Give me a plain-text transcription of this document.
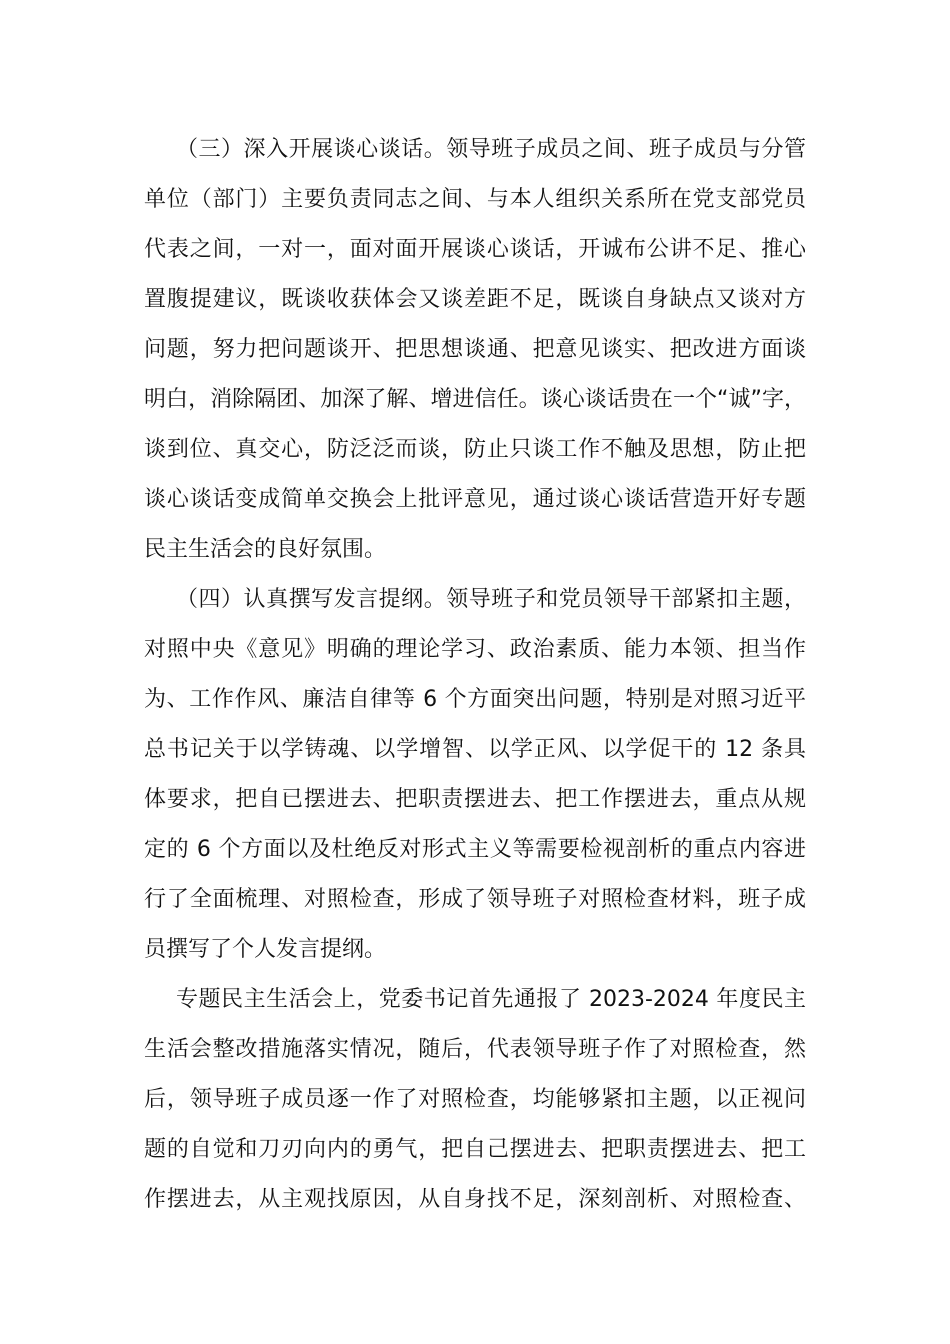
（三）深入开展谈心谈话。领导班子成员之间、班子成员与分管
单位（部门）主要负责同志之间、与本人组织关系所在党支部党员
代表之间，一对一，面对面开展谈心谈话，开诚布公讲不足、推心
置腹提建议，既谈收获体会又谈差距不足，既谈自身缺点又谈对方
问题，努力把问题谈开、把思想谈通、把意见谈实、把改进方面谈
明白，消除隔团、加深了解、增进信任。谈心谈话贵在一个“诚”字，
谈到位、真交心，防泛泛而谈，防止只谈工作不触及思想，防止把
谈心谈话变成简单交换会上批评意见，通过谈心谈话营造开好专题
民主生活会的良好氛围。
（四）认真撰写发言提纲。领导班子和党员领导干部紧扣主题，
对照中央《意见》明确的理论学习、政治素质、能力本领、担当作
为、工作作风、廉洁自律等 6 个方面突出问题，特别是对照习近平
总书记关于以学铸魂、以学增智、以学正风、以学促干的 12 条具
体要求，把自已摆进去、把职责摆进去、把工作摆进去，重点从规
定的 6 个方面以及杜绝反对形式主义等需要检视剖析的重点内容进
行了全面梳理、对照检查，形成了领导班子对照检查材料，班子成
员撰写了个人发言提纲。
专题民主生活会上，党委书记首先通报了 2023-2024 年度民主
生活会整改措施落实情况，随后，代表领导班子作了对照检查，然
后，领导班子成员逐一作了对照检查，均能够紧扣主题，以正视问
题的自觉和刀刃向内的勇气，把自己摆进去、把职责摆进去、把工
作摆进去，从主观找原因，从自身找不足，深刻剖析、对照检查、
